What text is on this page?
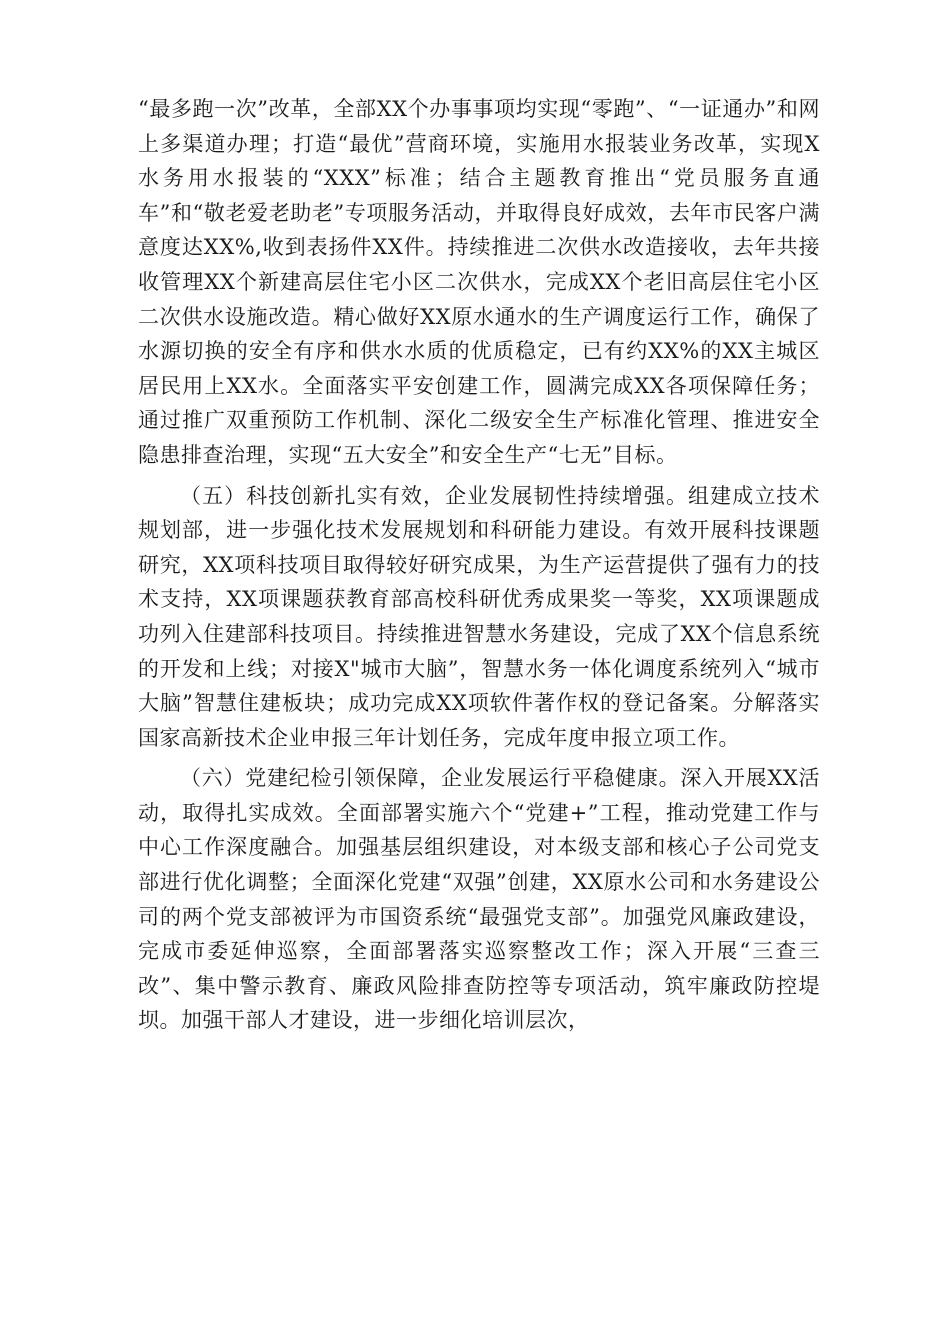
“最多跑一次”改革，全部XX个办事事项均实现“零跑”、“一证通办”和网上多渠道办理；打造“最优”营商环境，实施用水报装业务改革，实现X水务用水报装的“XXX”标准；结合主题教育推出“党员服务直通车”和“敬老爱老助老”专项服务活动，并取得良好成效，去年市民客户满意度达XX%,收到表扬件XX件。持续推进二次供水改造接收，去年共接收管理XX个新建高层住宅小区二次供水，完成XX个老旧高层住宅小区二次供水设施改造。精心做好XX原水通水的生产调度运行工作，确保了水源切换的安全有序和供水水质的优质稳定，已有约XX%的XX主城区居民用上XX水。全面落实平安创建工作，圆满完成XX各项保障任务；通过推广双重预防工作机制、深化二级安全生产标准化管理、推进安全隐患排查治理，实现“五大安全”和安全生产“七无”目标。

（五）科技创新扎实有效，企业发展韧性持续增强。组建成立技术规划部，进一步强化技术发展规划和科研能力建设。有效开展科技课题研究，XX项科技项目取得较好研究成果，为生产运营提供了强有力的技术支持，XX项课题获教育部高校科研优秀成果奖一等奖，XX项课题成功列入住建部科技项目。持续推进智慧水务建设，完成了XX个信息系统的开发和上线；对接X"城市大脑”，智慧水务一体化调度系统列入“城市大脑”智慧住建板块；成功完成XX项软件著作权的登记备案。分解落实国家高新技术企业申报三年计划任务，完成年度申报立项工作。

（六）党建纪检引领保障，企业发展运行平稳健康。深入开展XX活动，取得扎实成效。全面部署实施六个“党建+”工程，推动党建工作与中心工作深度融合。加强基层组织建设，对本级支部和核心子公司党支部进行优化调整；全面深化党建“双强”创建，XX原水公司和水务建设公司的两个党支部被评为市国资系统“最强党支部”。加强党风廉政建设，完成市委延伸巡察，全面部署落实巡察整改工作；深入开展“三查三改”、集中警示教育、廉政风险排查防控等专项活动，筑牢廉政防控堤坝。加强干部人才建设，进一步细化培训层次，
